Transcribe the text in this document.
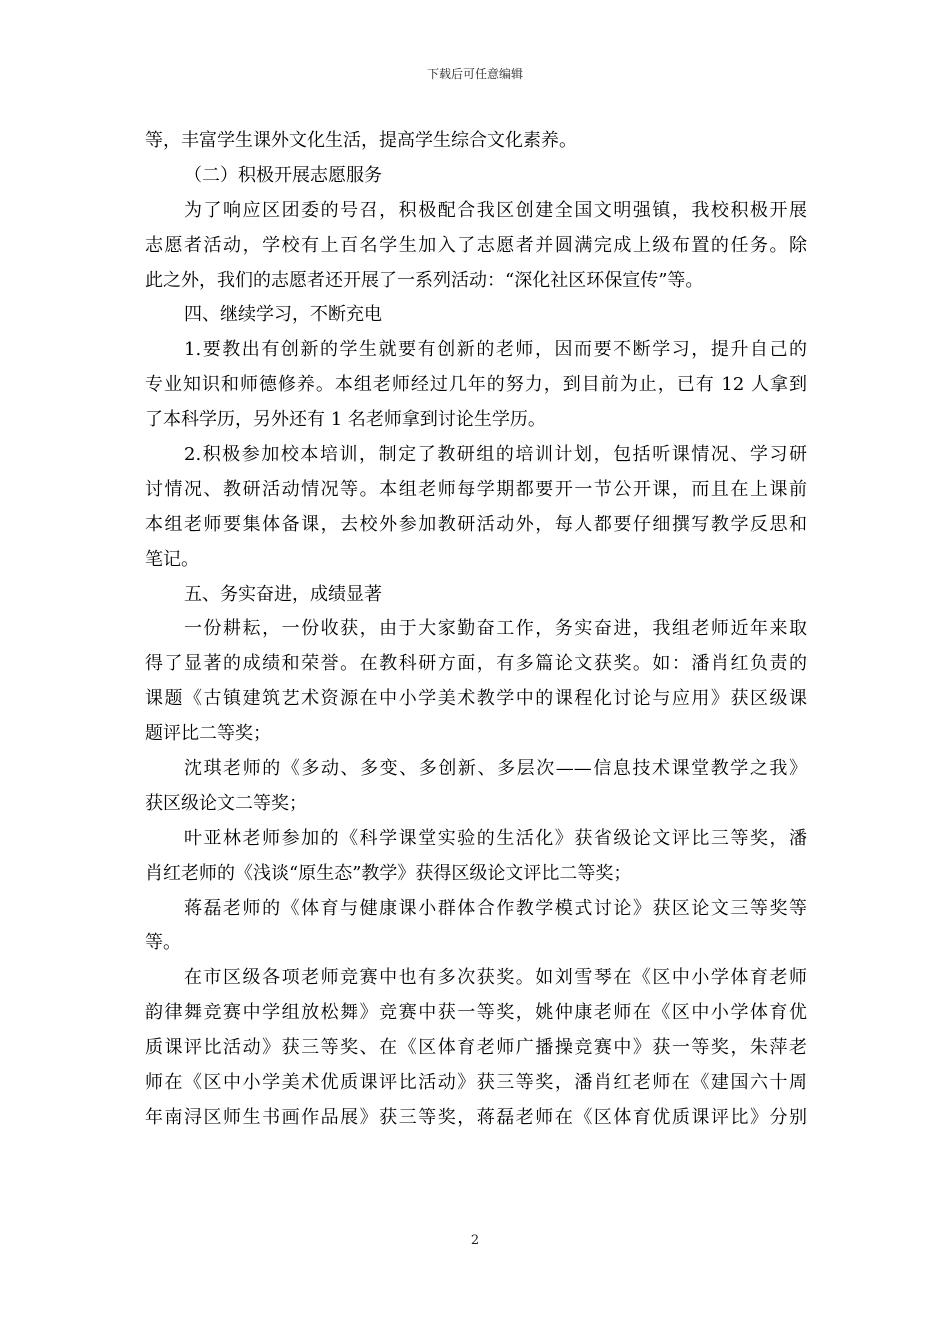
下载后可任意编辑
等，丰富学生课外文化生活，提高学生综合文化素养。
（二）积极开展志愿服务
为了响应区团委的号召，积极配合我区创建全国文明强镇，我校积极开展
志愿者活动，学校有上百名学生加入了志愿者并圆满完成上级布置的任务。除
此之外，我们的志愿者还开展了一系列活动：“深化社区环保宣传”等。
四、继续学习，不断充电
1.要教出有创新的学生就要有创新的老师，因而要不断学习，提升自己的
专业知识和师德修养。本组老师经过几年的努力，到目前为止，已有 12 人拿到
了本科学历，另外还有 1 名老师拿到讨论生学历。
2.积极参加校本培训，制定了教研组的培训计划，包括听课情况、学习研
讨情况、教研活动情况等。本组老师每学期都要开一节公开课，而且在上课前
本组老师要集体备课，去校外参加教研活动外，每人都要仔细撰写教学反思和
笔记。
五、务实奋进，成绩显著
一份耕耘，一份收获，由于大家勤奋工作，务实奋进，我组老师近年来取
得了显著的成绩和荣誉。在教科研方面，有多篇论文获奖。如：潘肖红负责的
课题《古镇建筑艺术资源在中小学美术教学中的课程化讨论与应用》获区级课
题评比二等奖；
沈琪老师的《多动、多变、多创新、多层次——信息技术课堂教学之我》
获区级论文二等奖；
叶亚林老师参加的《科学课堂实验的生活化》获省级论文评比三等奖，潘
肖红老师的《浅谈“原生态”教学》获得区级论文评比二等奖；
蒋磊老师的《体育与健康课小群体合作教学模式讨论》获区论文三等奖等
等。
在市区级各项老师竞赛中也有多次获奖。如刘雪琴在《区中小学体育老师
韵律舞竞赛中学组放松舞》竞赛中获一等奖，姚仲康老师在《区中小学体育优
质课评比活动》获三等奖、在《区体育老师广播操竞赛中》获一等奖，朱萍老
师在《区中小学美术优质课评比活动》获三等奖，潘肖红老师在《建国六十周
年南浔区师生书画作品展》获三等奖，蒋磊老师在《区体育优质课评比》分别
2
